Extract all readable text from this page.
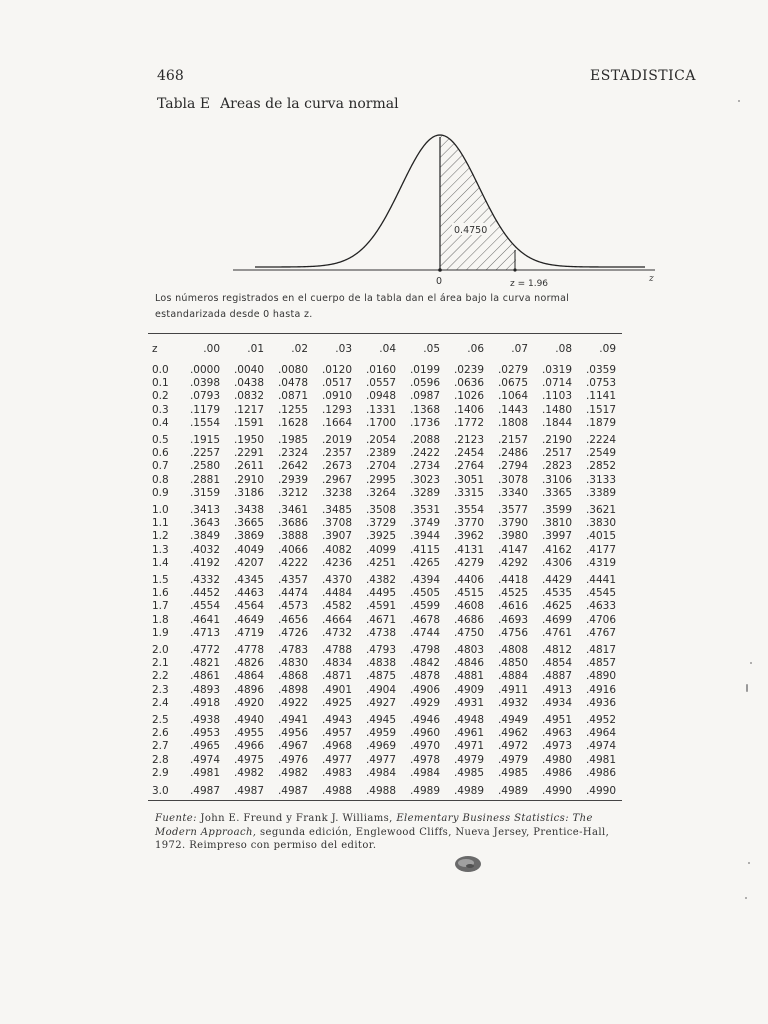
468	ESTADISTICA
Tabla E Areas de la curva normal
0.4750
0	z = 1.96	z
Los números registrados en el cuerpo de la tabla dan el área bajo la curva normal estandarizada desde 0 hasta z.
z	.00	.01	.02	.03	.04	.05	.06	.07	.08	.09
0.0	.0000	.0040	.0080	.0120	.0160	.0199	.0239	.0279	.0319	.0359
0.1	.0398	.0438	.0478	.0517	.0557	.0596	.0636	.0675	.0714	.0753
0.2	.0793	.0832	.0871	.0910	.0948	.0987	.1026	.1064	.1103	.1141
0.3	.1179	.1217	.1255	.1293	.1331	.1368	.1406	.1443	.1480	.1517
0.4	.1554	.1591	.1628	.1664	.1700	.1736	.1772	.1808	.1844	.1879
0.5	.1915	.1950	.1985	.2019	.2054	.2088	.2123	.2157	.2190	.2224
0.6	.2257	.2291	.2324	.2357	.2389	.2422	.2454	.2486	.2517	.2549
0.7	.2580	.2611	.2642	.2673	.2704	.2734	.2764	.2794	.2823	.2852
0.8	.2881	.2910	.2939	.2967	.2995	.3023	.3051	.3078	.3106	.3133
0.9	.3159	.3186	.3212	.3238	.3264	.3289	.3315	.3340	.3365	.3389
1.0	.3413	.3438	.3461	.3485	.3508	.3531	.3554	.3577	.3599	.3621
1.1	.3643	.3665	.3686	.3708	.3729	.3749	.3770	.3790	.3810	.3830
1.2	.3849	.3869	.3888	.3907	.3925	.3944	.3962	.3980	.3997	.4015
1.3	.4032	.4049	.4066	.4082	.4099	.4115	.4131	.4147	.4162	.4177
1.4	.4192	.4207	.4222	.4236	.4251	.4265	.4279	.4292	.4306	.4319
1.5	.4332	.4345	.4357	.4370	.4382	.4394	.4406	.4418	.4429	.4441
1.6	.4452	.4463	.4474	.4484	.4495	.4505	.4515	.4525	.4535	.4545
1.7	.4554	.4564	.4573	.4582	.4591	.4599	.4608	.4616	.4625	.4633
1.8	.4641	.4649	.4656	.4664	.4671	.4678	.4686	.4693	.4699	.4706
1.9	.4713	.4719	.4726	.4732	.4738	.4744	.4750	.4756	.4761	.4767
2.0	.4772	.4778	.4783	.4788	.4793	.4798	.4803	.4808	.4812	.4817
2.1	.4821	.4826	.4830	.4834	.4838	.4842	.4846	.4850	.4854	.4857
2.2	.4861	.4864	.4868	.4871	.4875	.4878	.4881	.4884	.4887	.4890
2.3	.4893	.4896	.4898	.4901	.4904	.4906	.4909	.4911	.4913	.4916
2.4	.4918	.4920	.4922	.4925	.4927	.4929	.4931	.4932	.4934	.4936
2.5	.4938	.4940	.4941	.4943	.4945	.4946	.4948	.4949	.4951	.4952
2.6	.4953	.4955	.4956	.4957	.4959	.4960	.4961	.4962	.4963	.4964
2.7	.4965	.4966	.4967	.4968	.4969	.4970	.4971	.4972	.4973	.4974
2.8	.4974	.4975	.4976	.4977	.4977	.4978	.4979	.4979	.4980	.4981
2.9	.4981	.4982	.4982	.4983	.4984	.4984	.4985	.4985	.4986	.4986
3.0	.4987	.4987	.4987	.4988	.4988	.4989	.4989	.4989	.4990	.4990
Fuente: John E. Freund y Frank J. Williams, Elementary Business Statistics: The Modern Approach, segunda edición, Englewood Cliffs, Nueva Jersey, Prentice-Hall, 1972. Reimpreso con permiso del editor.
